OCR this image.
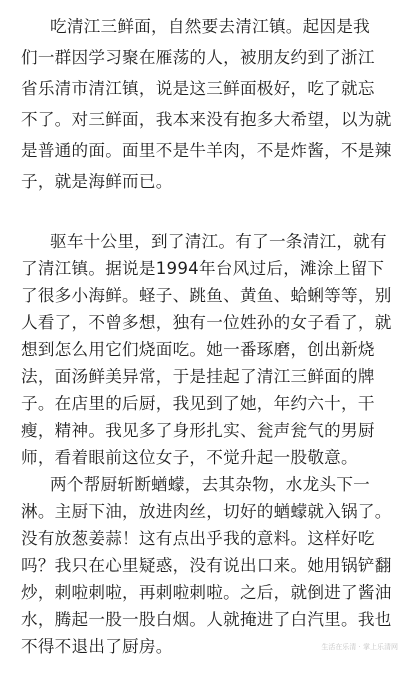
吃清江三鲜面，自然要去清江镇。起因是我
们一群因学习聚在雁荡的人，被朋友约到了浙江
省乐清市清江镇，说是这三鲜面极好，吃了就忘
不了。对三鲜面，我本来没有抱多大希望，以为就
是普通的面。面里不是牛羊肉，不是炸酱，不是辣
子，就是海鲜而已。
驱车十公里，到了清江。有了一条清江，就有
了清江镇。据说是1994年台风过后，滩涂上留下
了很多小海鲜。蛏子、跳鱼、黄鱼、蛤蜊等等，别
人看了，不曾多想，独有一位姓孙的女子看了，就
想到怎么用它们烧面吃。她一番琢磨，创出新烧
法，面汤鲜美异常，于是挂起了清江三鲜面的牌
子。在店里的后厨，我见到了她，年约六十，干
瘦，精神。我见多了身形扎实、瓮声瓮气的男厨
师，看着眼前这位女子，不觉升起一股敬意。
两个帮厨斩断蝤蠓，去其杂物，水龙头下一
淋。主厨下油，放进肉丝，切好的蝤蠓就入锅了。
没有放葱姜蒜！这有点出乎我的意料。这样好吃
吗？我只在心里疑惑，没有说出口来。她用锅铲翻
炒，刺啦刺啦，再刺啦刺啦。之后，就倒进了酱油
水，腾起一股一股白烟。人就掩进了白汽里。我也
不得不退出了厨房。	生活在乐清 · 掌上乐清网
